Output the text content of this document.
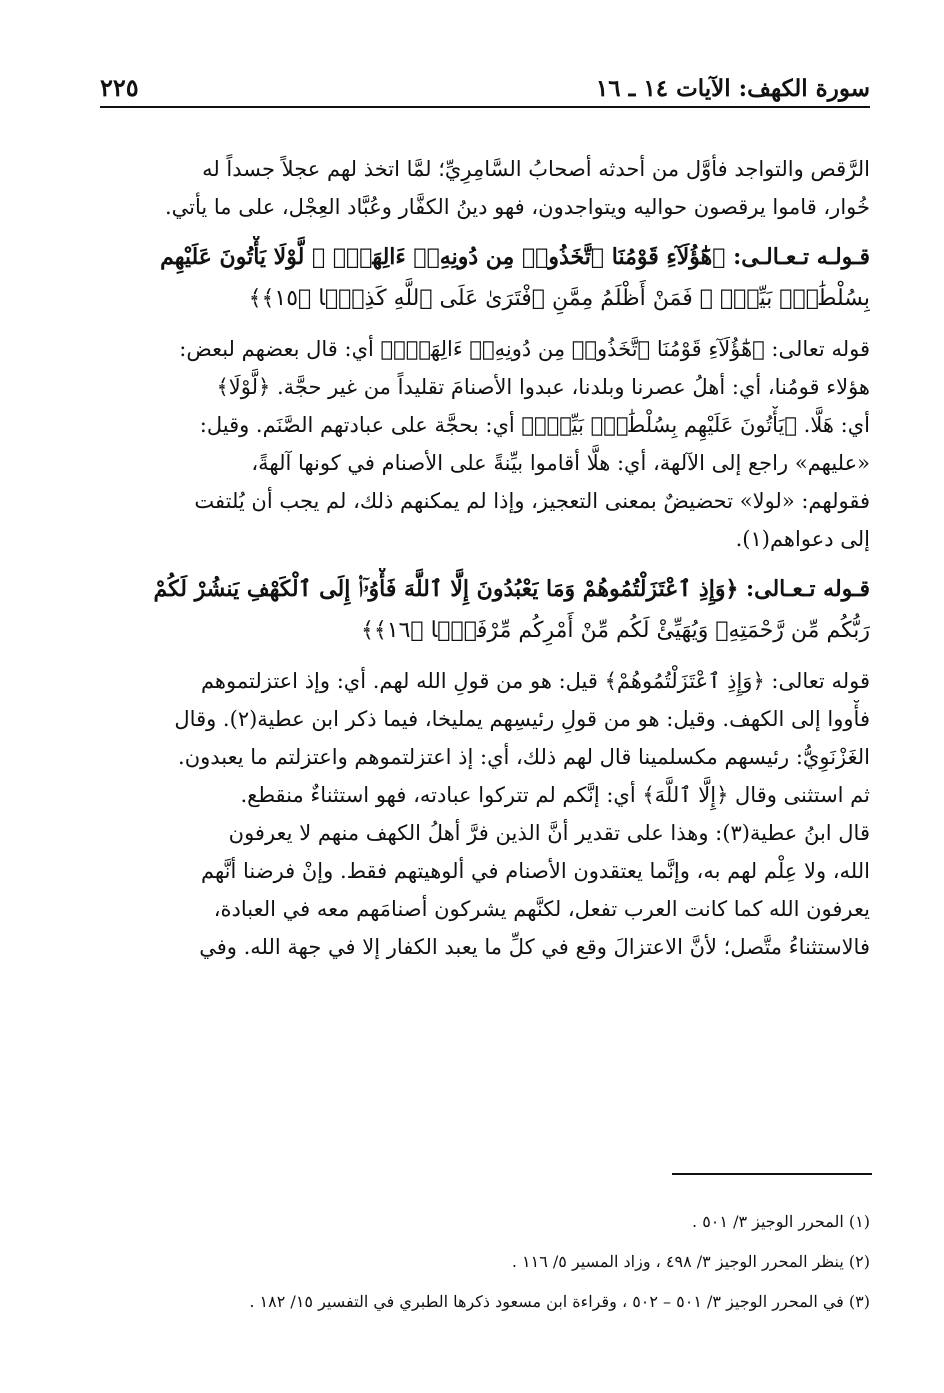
سورة الكهف: الآيات ١٤ ـ ١٦
٢٢٥
الرَّقص والتواجد فأوَّل من أحدثه أصحابُ السَّامِرِيِّ؛ لمَّا اتخذ لهم عجلاً جسداً له
خُوار، قاموا يرقصون حواليه ويتواجدون، فهو دينُ الكفَّار وعُبَّاد العِجْل، على ما يأتي.
قـولـه تـعـالـى: ﴿هَٰٓؤُلَآءِ قَوْمُنَا ٱتَّخَذُوا۟ مِن دُونِهِۦٓ ءَالِهَةًۭ ۖ لَّوْلَا يَأْتُونَ عَلَيْهِم
بِسُلْطَٰنٍۭ بَيِّنٍۢ ۖ فَمَنْ أَظْلَمُ مِمَّنِ ٱفْتَرَىٰ عَلَى ٱللَّهِ كَذِبًۭا ﴿١٥﴾﴾
قوله تعالى: ﴿هَٰٓؤُلَآءِ قَوْمُنَا ٱتَّخَذُوا۟ مِن دُونِهِۦٓ ءَالِهَةًۭ﴾ أي: قال بعضهم لبعض:
هؤلاء قومُنا، أي: أهلُ عصرنا وبلدنا، عبدوا الأصنامَ تقليداً من غير حجَّة. ﴿لَّوْلَا﴾
أي: هَلَّا. ﴿يَأْتُونَ عَلَيْهِم بِسُلْطَٰنٍۭ بَيِّنٍۢ﴾ أي: بحجَّة على عبادتهم الصَّنَم. وقيل:
«عليهم» راجع إلى الآلهة، أي: هلَّا أقاموا بيِّنةً على الأصنام في كونها آلهةً،
فقولهم: «لولا» تحضيضٌ بمعنى التعجيز، وإذا لم يمكنهم ذلك، لم يجب أن يُلتفت
إلى دعواهم(١).
قـوله تـعـالى: ﴿وَإِذِ ٱعْتَزَلْتُمُوهُمْ وَمَا يَعْبُدُونَ إِلَّا ٱللَّهَ فَأْوُۥٓا۟ إِلَى ٱلْكَهْفِ يَنشُرْ لَكُمْ
رَبُّكُم مِّن رَّحْمَتِهِۦ وَيُهَيِّئْ لَكُم مِّنْ أَمْرِكُم مِّرْفَقًۭا ﴿١٦﴾﴾
قوله تعالى: ﴿وَإِذِ ٱعْتَزَلْتُمُوهُمْ﴾ قيل: هو من قولِ الله لهم. أي: وإذ اعتزلتموهم
فأْووا إلى الكهف. وقيل: هو من قولِ رئيسِهم يمليخا، فيما ذكر ابن عطية(٢). وقال
الغَزْنَوِيُّ: رئيسهم مكسلمينا قال لهم ذلك، أي: إذ اعتزلتموهم واعتزلتم ما يعبدون.
ثم استثنى وقال ﴿إِلَّا ٱللَّهَ﴾ أي: إنَّكم لم تتركوا عبادته، فهو استثناءٌ منقطع.
قال ابنُ عطية(٣): وهذا على تقدير أنَّ الذين فرَّ أهلُ الكهف منهم لا يعرفون
الله، ولا عِلْم لهم به، وإنَّما يعتقدون الأصنام في ألوهيتهم فقط. وإنْ فرضنا أنَّهم
يعرفون الله كما كانت العرب تفعل، لكنَّهم يشركون أصنامَهم معه في العبادة،
فالاستثناءُ متَّصل؛ لأنَّ الاعتزالَ وقع في كلِّ ما يعبد الكفار إلا في جهة الله. وفي
(١) المحرر الوجيز ٣/ ٥٠١ .
(٢) ينظر المحرر الوجيز ٣/ ٤٩٨ ، وزاد المسير ٥/ ١١٦ .
(٣) في المحرر الوجيز ٣/ ٥٠١ – ٥٠٢ ، وقراءة ابن مسعود ذكرها الطبري في التفسير ١٥/ ١٨٢ .
